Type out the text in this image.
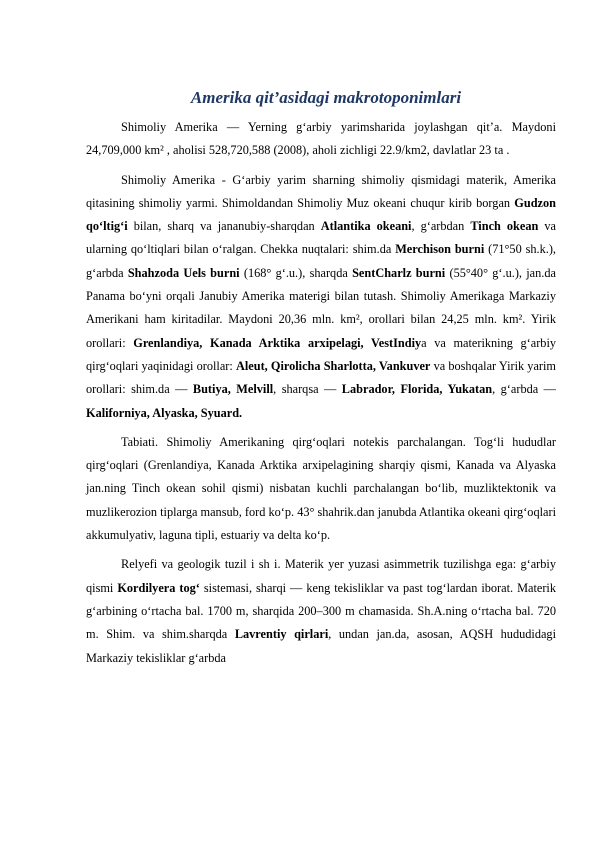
Amerika qit’asidagi makrotoponimlari

Shimoliy Amerika — Yerning g‘arbiy yarimsharida joylashgan qit’a. Maydoni 24,709,000 km² , aholisi 528,720,588 (2008), aholi zichligi 22.9/km2, davlatlar 23 ta .

Shimoliy Amerika - G‘arbiy yarim sharning shimoliy qismidagi materik, Amerika qitasining shimoliy yarmi. Shimoldandan Shimoliy Muz okeani chuqur kirib borgan Gudzon qo‘ltig‘i bilan, sharq va jananubiy-sharqdan Atlantika okeani, g‘arbdan Tinch okean va ularning qo‘ltiqlari bilan o‘ralgan. Chekka nuqtalari: shim.da Merchison burni (71°50 sh.k.), g‘arbda Shahzoda Uels burni (168° g‘.u.), sharqda SentCharlz burni (55°40° g‘.u.), jan.da Panama bo‘yni orqali Janubiy Amerika materigi bilan tutash. Shimoliy Amerikaga Markaziy Amerikani ham kiritadilar. Maydoni 20,36 mln. km², orollari bilan 24,25 mln. km². Yirik orollari: Grenlandiya, Kanada Arktika arxipelagi, VestIndiya va materikning g‘arbiy qirg‘oqlari yaqinidagi orollar: Aleut, Qirolicha Sharlotta, Vankuver va boshqalar Yirik yarim orollari: shim.da — Butiya, Melvill, sharqsa — Labrador, Florida, Yukatan, g‘arbda — Kaliforniya, Alyaska, Syuard.

Tabiati. Shimoliy Amerikaning qirg‘oqlari notekis parchalangan. Tog‘li hududlar qirg‘oqlari (Grenlandiya, Kanada Arktika arxipelagining sharqiy qismi, Kanada va Alyaska jan.ning Tinch okean sohil qismi) nisbatan kuchli parchalangan bo‘lib, muzliktektonik va muzlikerozion tiplarga mansub, ford ko‘p. 43° shahrik.dan janubda Atlantika okeani qirg‘oqlari akkumulyativ, laguna tipli, estuariy va delta ko‘p.

Relyefi va geologik tuzil i sh i. Materik yer yuzasi asimmetrik tuzilishga ega: g‘arbiy qismi Kordilyera tog‘ sistemasi, sharqi — keng tekisliklar va past tog‘lardan iborat. Materik g‘arbining o‘rtacha bal. 1700 m, sharqida 200–300 m chamasida. Sh.A.ning o‘rtacha bal. 720 m. Shim. va shim.sharqda Lavrentiy qirlari, undan jan.da, asosan, AQSH hududidagi Markaziy tekisliklar g‘arbda
